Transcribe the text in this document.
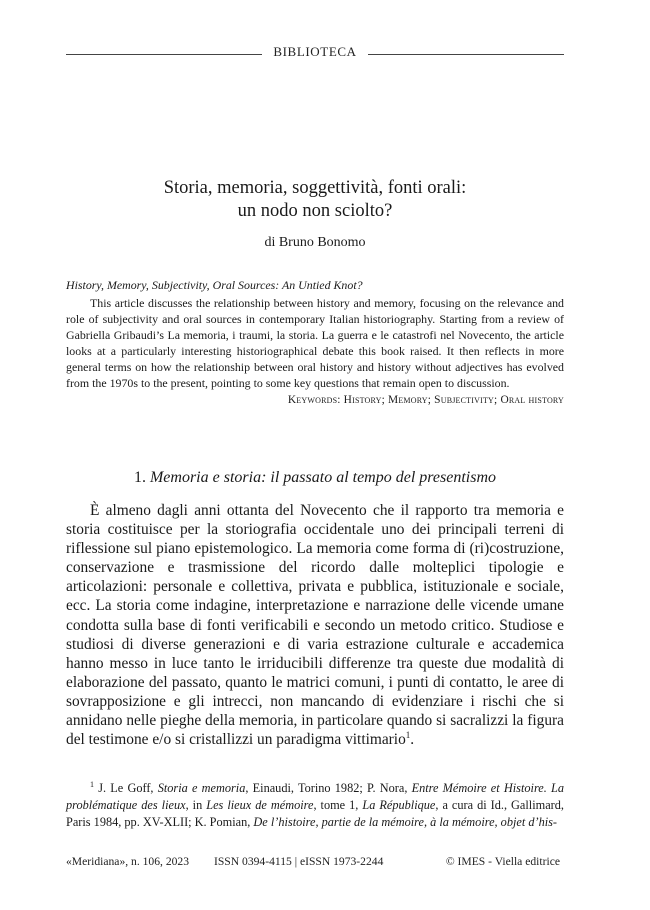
BIBLIOTECA
Storia, memoria, soggettività, fonti orali:
un nodo non sciolto?
di Bruno Bonomo
History, Memory, Subjectivity, Oral Sources: An Untied Knot?

This article discusses the relationship between history and memory, focusing on the relevance and role of subjectivity and oral sources in contemporary Italian historiography. Starting from a review of Gabriella Gribaudi’s La memoria, i traumi, la storia. La guerra e le catastrofi nel Novecento, the article looks at a particularly interesting historiographical debate this book raised. It then reflects in more general terms on how the relationship between oral history and history without adjectives has evolved from the 1970s to the present, pointing to some key questions that remain open to discussion.

Keywords: History; Memory; Subjectivity; Oral history
1. Memoria e storia: il passato al tempo del presentismo

È almeno dagli anni ottanta del Novecento che il rapporto tra memoria e storia costituisce per la storiografia occidentale uno dei principali terreni di riflessione sul piano epistemologico. La memoria come forma di (ri)costruzione, conservazione e trasmissione del ricordo dalle molteplici tipologie e articolazioni: personale e collettiva, privata e pubblica, istituzionale e sociale, ecc. La storia come indagine, interpretazione e narrazione delle vicende umane condotta sulla base di fonti verificabili e secondo un metodo critico. Studiose e studiosi di diverse generazioni e di varia estrazione culturale e accademica hanno messo in luce tanto le irriducibili differenze tra queste due modalità di elaborazione del passato, quanto le matrici comuni, i punti di contatto, le aree di sovrapposizione e gli intrecci, non mancando di evidenziare i rischi che si annidano nelle pieghe della memoria, in particolare quando si sacralizzi la figura del testimone e/o si cristallizzi un paradigma vittimario$^1$.

$^1$ J. Le Goff, Storia e memoria, Einaudi, Torino 1982; P. Nora, Entre Mémoire et Histoire. La problématique des lieux, in Les lieux de mémoire, tome 1, La République, a cura di Id., Gallimard, Paris 1984, pp. XV-XLII; K. Pomian, De l’histoire, partie de la mémoire, à la mémoire, objet d’his-

«Meridiana», n. 106, 2023 ISSN 0394-4115 | eISSN 1973-2244	© IMES - Viella editrice
